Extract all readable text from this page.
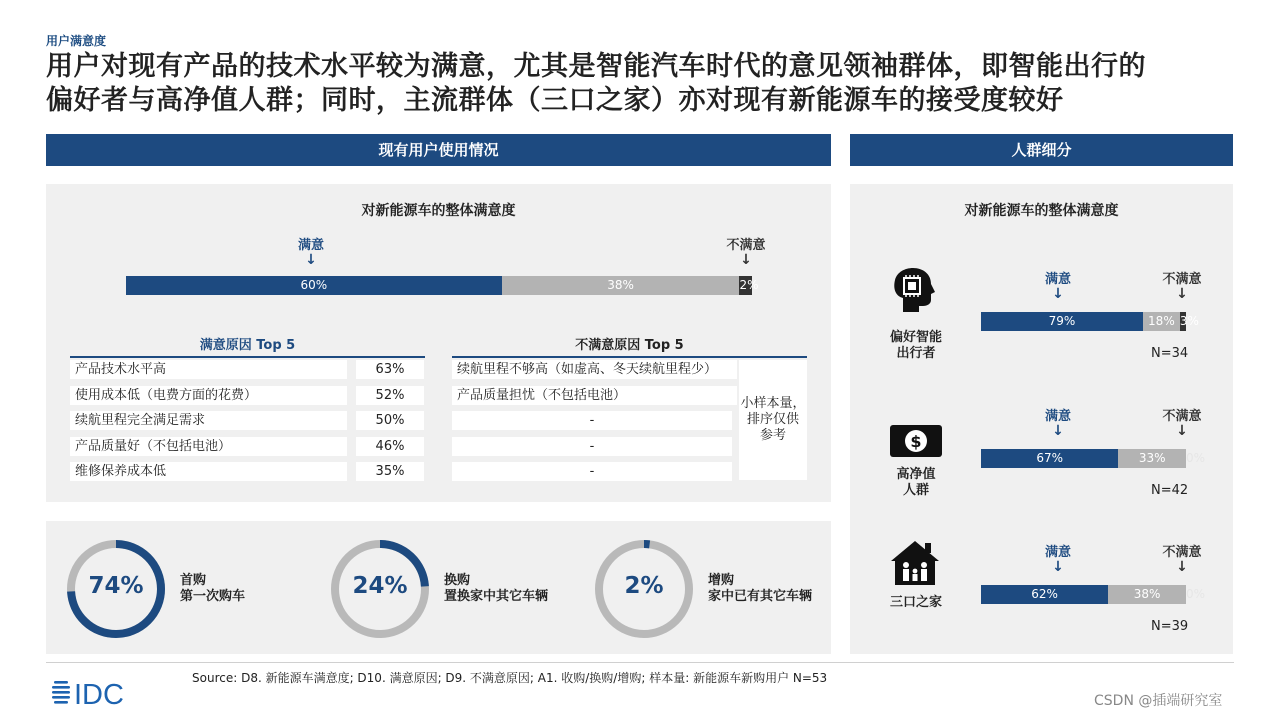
用户满意度
用户对现有产品的技术水平较为满意，尤其是智能汽车时代的意见领袖群体，即智能出行的
偏好者与高净值人群；同时，主流群体（三口之家）亦对现有新能源车的接受度较好
现有用户使用情况	人群细分
对新能源车的整体满意度
满意
↓
不满意
↓
60%	38%	2%
满意原因 Top 5
产品技术水平高	63%
使用成本低（电费方面的花费）	52%
续航里程完全满足需求	50%
产品质量好（不包括电池）	46%
维修保养成本低	35%
不满意原因 Top 5
续航里程不够高（如虚高、冬天续航里程少）
产品质量担忧（不包括电池）
-
-
-
小样本量，
排序仅供
参考
74%	首购
第一次购车	24%	换购
置换家中其它车辆	2%	增购
家中已有其它车辆
对新能源车的整体满意度
偏好智能
出行者
满意
↓
不满意
↓
79%	18% 3%
N=34
$
高净值
人群
满意
↓
不满意
↓
67%	33%	0%
N=42
三口之家
满意
↓
不满意
↓
62%	38%	0%
N=39
IDC
Source: D8. 新能源车满意度; D10. 满意原因; D9. 不满意原因; A1. 收购/换购/增购; 样本量: 新能源车新购用户 N=53
CSDN @插端研究室
